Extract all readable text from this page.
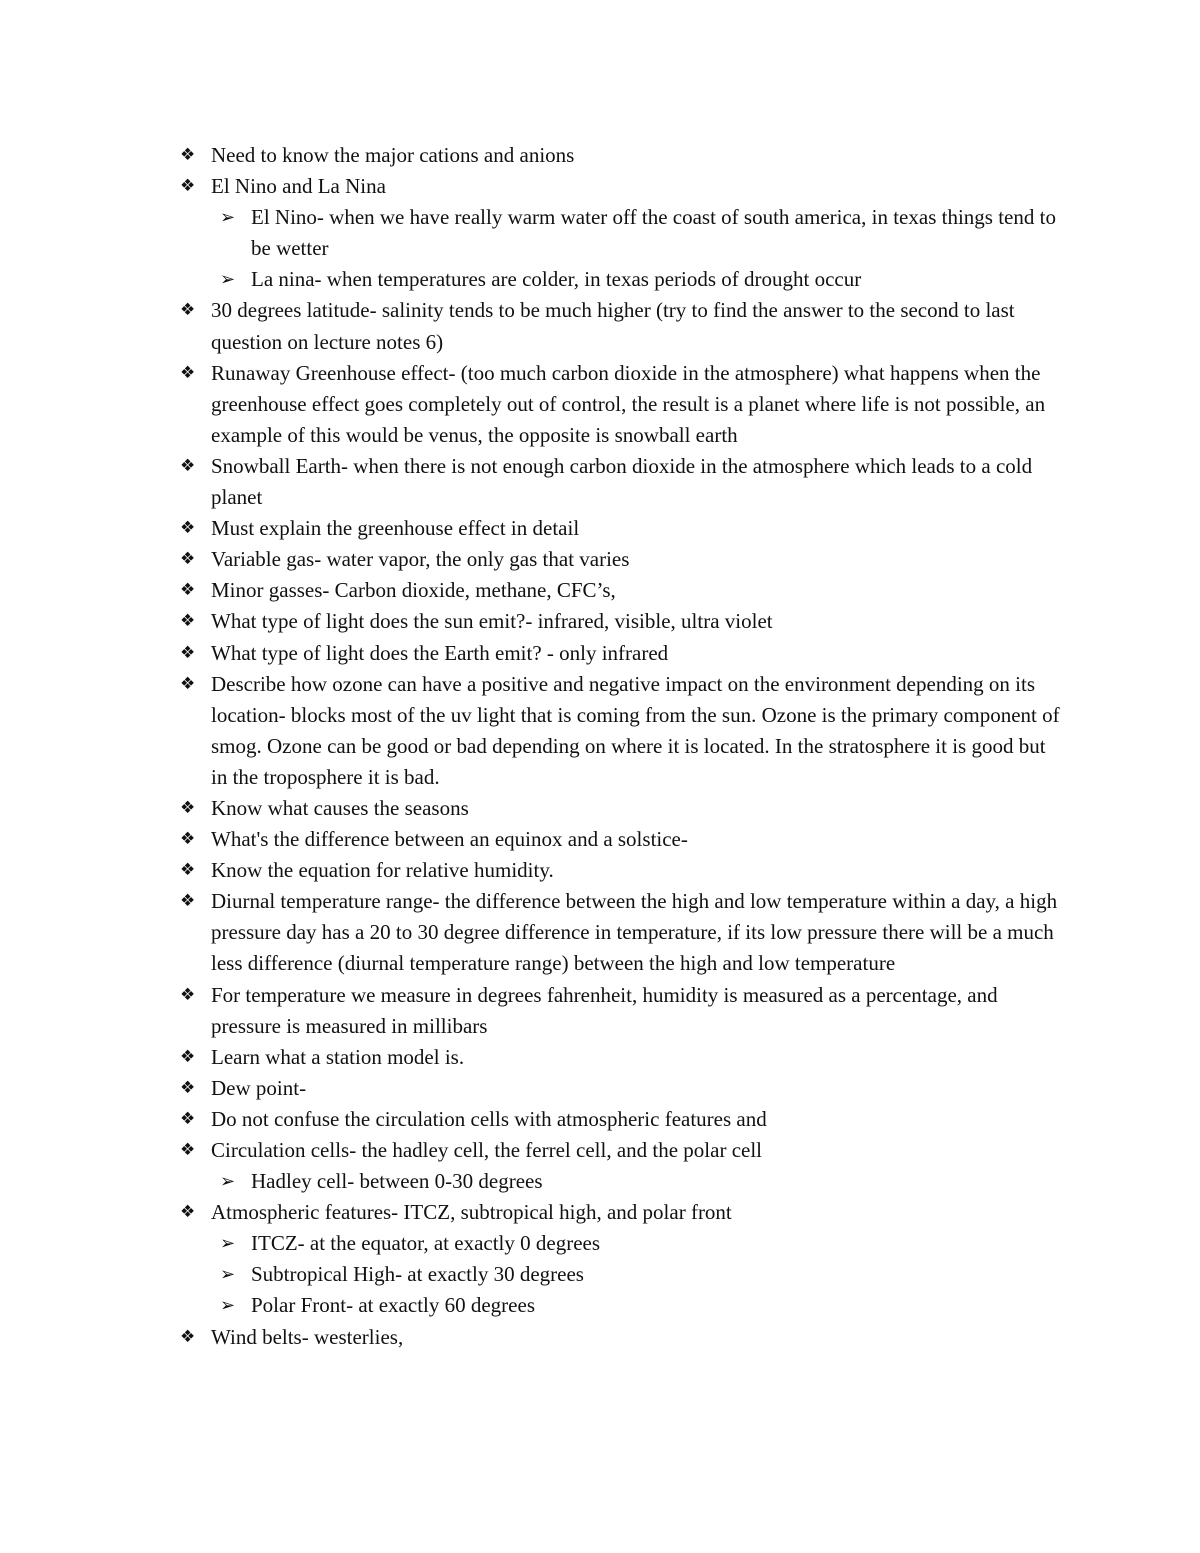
❖ Need to know the major cations and anions
❖ El Nino and La Nina
➢ El Nino- when we have really warm water off the coast of south america, in texas things tend to be wetter
➢ La nina- when temperatures are colder, in texas periods of drought occur
❖ 30 degrees latitude- salinity tends to be much higher (try to find the answer to the second to last question on lecture notes 6)
❖ Runaway Greenhouse effect- (too much carbon dioxide in the atmosphere) what happens when the greenhouse effect goes completely out of control, the result is a planet where life is not possible, an example of this would be venus, the opposite is snowball earth
❖ Snowball Earth- when there is not enough carbon dioxide in the atmosphere which leads to a cold planet
❖ Must explain the greenhouse effect in detail
❖ Variable gas- water vapor, the only gas that varies
❖ Minor gasses- Carbon dioxide, methane, CFC’s,
❖ What type of light does the sun emit?- infrared, visible, ultra violet
❖ What type of light does the Earth emit? - only infrared
❖ Describe how ozone can have a positive and negative impact on the environment depending on its location- blocks most of the uv light that is coming from the sun. Ozone is the primary component of smog. Ozone can be good or bad depending on where it is located. In the stratosphere it is good but in the troposphere it is bad.
❖ Know what causes the seasons
❖ What's the difference between an equinox and a solstice-
❖ Know the equation for relative humidity.
❖ Diurnal temperature range- the difference between the high and low temperature within a day, a high pressure day has a 20 to 30 degree difference in temperature, if its low pressure there will be a much less difference (diurnal temperature range) between the high and low temperature
❖ For temperature we measure in degrees fahrenheit, humidity is measured as a percentage, and pressure is measured in millibars
❖ Learn what a station model is.
❖ Dew point-
❖ Do not confuse the circulation cells with atmospheric features and
❖ Circulation cells- the hadley cell, the ferrel cell, and the polar cell
➢ Hadley cell- between 0-30 degrees
❖ Atmospheric features- ITCZ, subtropical high, and polar front
➢ ITCZ- at the equator, at exactly 0 degrees
➢ Subtropical High- at exactly 30 degrees
➢ Polar Front- at exactly 60 degrees
❖ Wind belts- westerlies,
